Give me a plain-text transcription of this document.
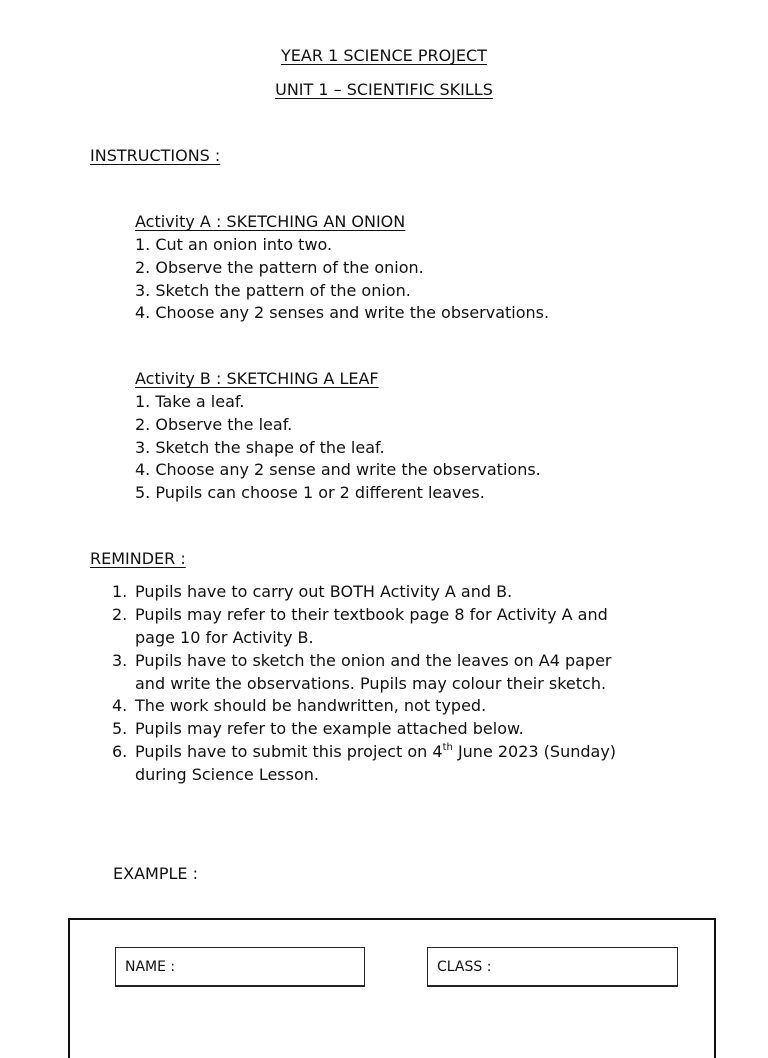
YEAR 1 SCIENCE PROJECT
UNIT 1 – SCIENTIFIC SKILLS
INSTRUCTIONS :
Activity A : SKETCHING AN ONION
1. Cut an onion into two.
2. Observe the pattern of the onion.
3. Sketch the pattern of the onion.
4. Choose any 2 senses and write the observations.
Activity B : SKETCHING A LEAF
1. Take a leaf.
2. Observe the leaf.
3. Sketch the shape of the leaf.
4. Choose any 2 sense and write the observations.
5. Pupils can choose 1 or 2 different leaves.
REMINDER :
1. Pupils have to carry out BOTH Activity A and B.
2. Pupils may refer to their textbook page 8 for Activity A and
page 10 for Activity B.
3. Pupils have to sketch the onion and the leaves on A4 paper
and write the observations. Pupils may colour their sketch.
4. The work should be handwritten, not typed.
5. Pupils may refer to the example attached below.
6. Pupils have to submit this project on 4th June 2023 (Sunday)
during Science Lesson.
EXAMPLE :
NAME :	CLASS :
